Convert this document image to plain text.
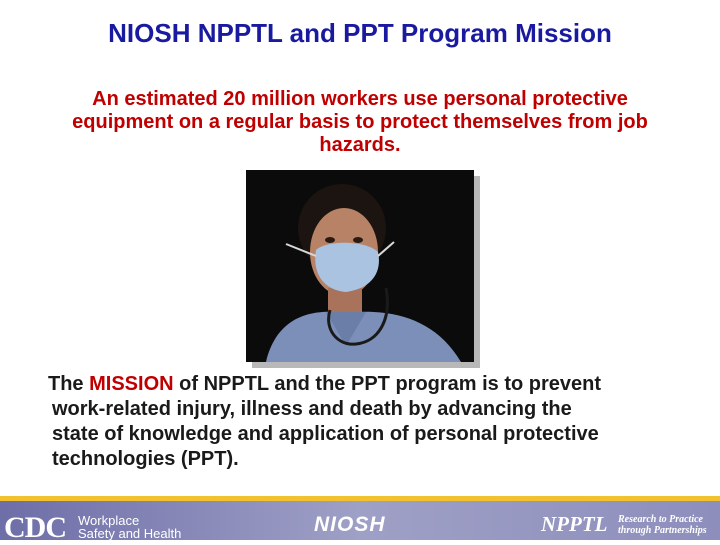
NIOSH NPPTL and PPT Program Mission
An estimated 20 million workers use personal protective equipment on a regular basis to protect themselves from job hazards.
The MISSION of NPPTL and the PPT program is to prevent
work-related injury, illness and death by advancing the
state of knowledge and application of personal protective
technologies (PPT).
CDC Workplace
Safety and Health	NIOSH	NPPTL Research to Practice
through Partnerships
